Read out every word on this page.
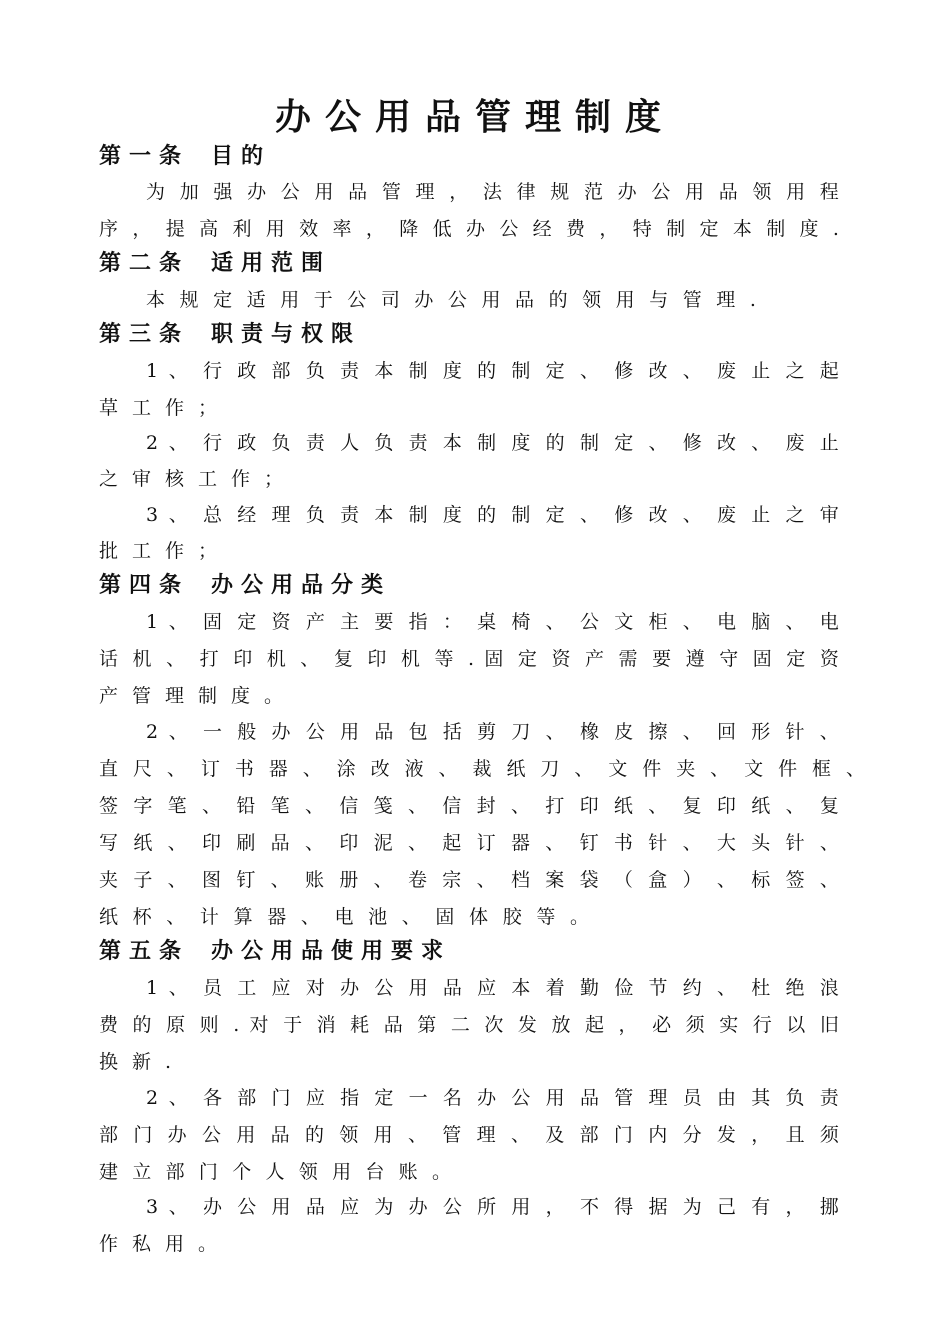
办公用品管理制度
第一条 目的
为 加 强 办 公 用 品 管 理 ， 法 律 规 范 办 公 用 品 领 用 程
序 ， 提 高 利 用 效 率 ， 降 低 办 公 经 费 ， 特 制 定 本 制 度 .
第二条 适用范围
本 规 定 适 用 于 公 司 办 公 用 品 的 领 用 与 管 理 .
第三条 职责与权限
1 、 行 政 部 负 责 本 制 度 的 制 定 、 修 改 、 废 止 之 起
草工作；
2 、 行 政 负 责 人 负 责 本 制 度 的 制 定 、 修 改 、 废 止
之审核工作；
3 、 总 经 理 负 责 本 制 度 的 制 定 、 修 改 、 废 止 之 审
批工作；
第四条 办公用品分类
1 、 固 定 资 产 主 要 指 ： 桌 椅 、 公 文 柜 、 电 脑 、 电
话 机 、 打 印 机 、 复 印 机 等 . 固 定 资 产 需 要 遵 守 固 定 资
产管理制度。
2 、 一 般 办 公 用 品 包 括 剪 刀 、 橡 皮 擦 、 回 形 针 、
直 尺 、 订 书 器 、 涂 改 液 、 裁 纸 刀 、 文 件 夹 、 文 件 框 、
签 字 笔 、 铅 笔 、 信 笺 、 信 封 、 打 印 纸 、 复 印 纸 、 复
写 纸 、 印 刷 品 、 印 泥 、 起 订 器 、 钉 书 针 、 大 头 针 、
夹 子 、 图 钉 、 账 册 、 卷 宗 、 档 案 袋 （ 盒 ） 、 标 签 、
纸 杯 、 计 算 器 、 电 池 、 固 体 胶 等 。
第五条 办公用品使用要求
1 、 员 工 应 对 办 公 用 品 应 本 着 勤 俭 节 约 、 杜 绝 浪
费 的 原 则 . 对 于 消 耗 品 第 二 次 发 放 起 ， 必 须 实 行 以 旧
换新.
2 、 各 部 门 应 指 定 一 名 办 公 用 品 管 理 员 由 其 负 责
部 门 办 公 用 品 的 领 用 、 管 理 、 及 部 门 内 分 发 ， 且 须
建 立 部 门 个 人 领 用 台 账 。
3 、 办 公 用 品 应 为 办 公 所 用 ， 不 得 据 为 己 有 ， 挪
作私用。
